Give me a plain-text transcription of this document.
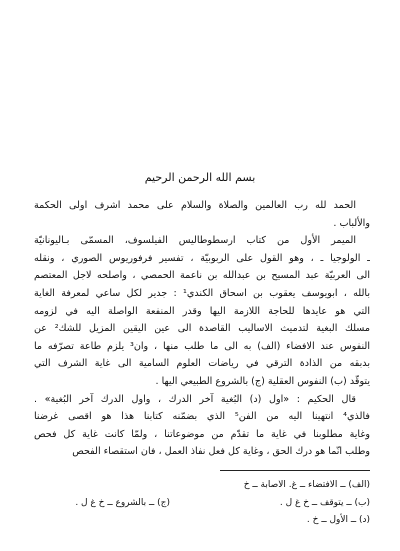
بسم الله الرحمن الرحيم

الحمد لله رب العالمين والصلاة والسلام على محمد اشرف اولى الحكمة
والألباب .

الميمر الأول من كتاب ارسطوطاليس الفيلسوف، المسمّى بـاليونانيّة
ـ الولوجيا ـ ، وهو القول على الربوبيّة ، تفسير فرفوريوس الصوري ، ونقله
الى العربيّة عبد المسيح بن عبدالله بن ناعمة الحمصي ، واصلحه لاجل المعتصم
بالله ، ابويوسف يعقوب بن اسحاق الكندي¹ : جدير لكل ساعي لمعرفة الغاية
التي هو عايدها للحاجة اللازمة اليها وقدر المنفعة الواصلة اليه في لزومه
مسلك البغية لتدميث الاساليب القاصدة الى عين اليقين المزيل للشك² عن
النفوس عند الافضاء (الف) به الى ما طلب منها ، وان³ يلزم طاعة تصرّفه ما
بدبقه من الذادة الترقي في رياضات العلوم السامية الى غاية الشرف التي
يتوقّد (ب) النفوس العقلية (ج) بالشروع الطبيعي اليها .

قال الحكيم : «اول (د) البُغية آخر الدرك ، واول الدرك آخر البُغية» .
فالذي⁴ انتهينا اليه من الفن⁵ الذي بضمّنه كتابنا هذا هو اقصى غرضنا
وغاية مطلوبنا في غاية ما تقدّم من موضوعاتنا ، ولمّا كانت غاية كل فحص
وطلب انّما هو درك الحق ، وغاية كل فعل نفاذ العمل ، فان استقصاء الفحص

(الف) ــ الافتضاء ــ غ. الاصابة ــ خ
(ب) ــ يتوقف ــ خ غ ل .
(ج) ــ بالشروع ــ خ غ ل .
(د) ــ الأول ــ خ .
